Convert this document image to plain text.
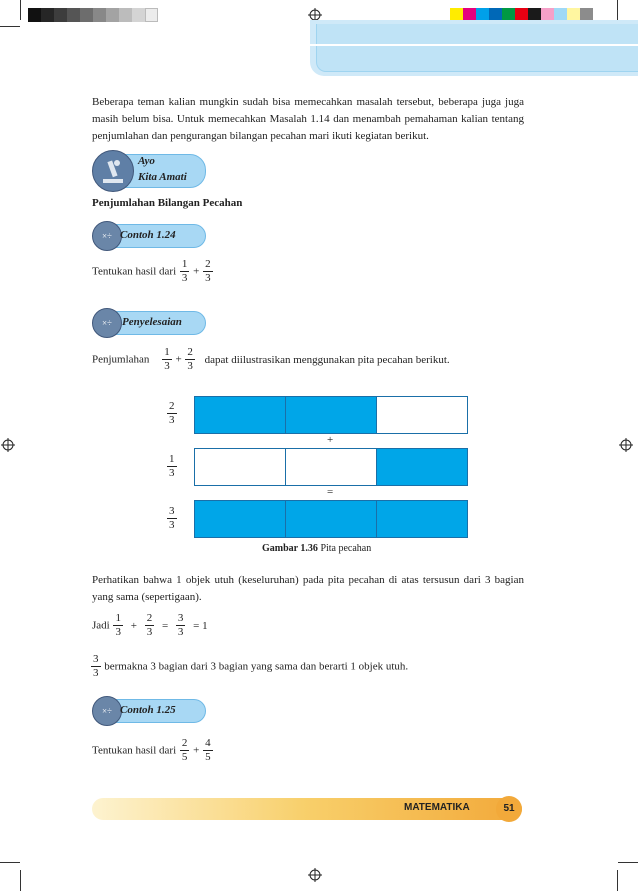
Beberapa teman kalian mungkin sudah bisa memecahkan masalah tersebut, beberapa juga juga masih belum bisa. Untuk memecahkan Masalah 1.14 dan menambah pemahaman kalian tentang penjumlahan dan pengurangan bilangan pecahan mari ikuti kegiatan berikut.

Ayo
Kita Amati
Penjumlahan Bilangan Pecahan
×÷ Contoh 1.24
Tentukan hasil dari $\frac{1}{3} + \frac{2}{3}$
×÷ Penyelesaian
Penjumlahan $\frac{1}{3} + \frac{2}{3}$ dapat diilustrasikan menggunakan pita pecahan berikut.
$\frac{2}{3}$
+
$\frac{1}{3}$
=
$\frac{3}{3}$
Gambar 1.36 Pita pecahan

Perhatikan bahwa 1 objek utuh (keseluruhan) pada pita pecahan di atas tersusun dari 3 bagian yang sama (sepertigaan).

Jadi $\frac{1}{3} + \frac{2}{3} = \frac{3}{3} = 1$
$\frac{3}{3}$ bermakna 3 bagian dari 3 bagian yang sama dan berarti 1 objek utuh.
×÷ Contoh 1.25
Tentukan hasil dari $\frac{2}{5} + \frac{4}{5}$
MATEMATIKA	51
